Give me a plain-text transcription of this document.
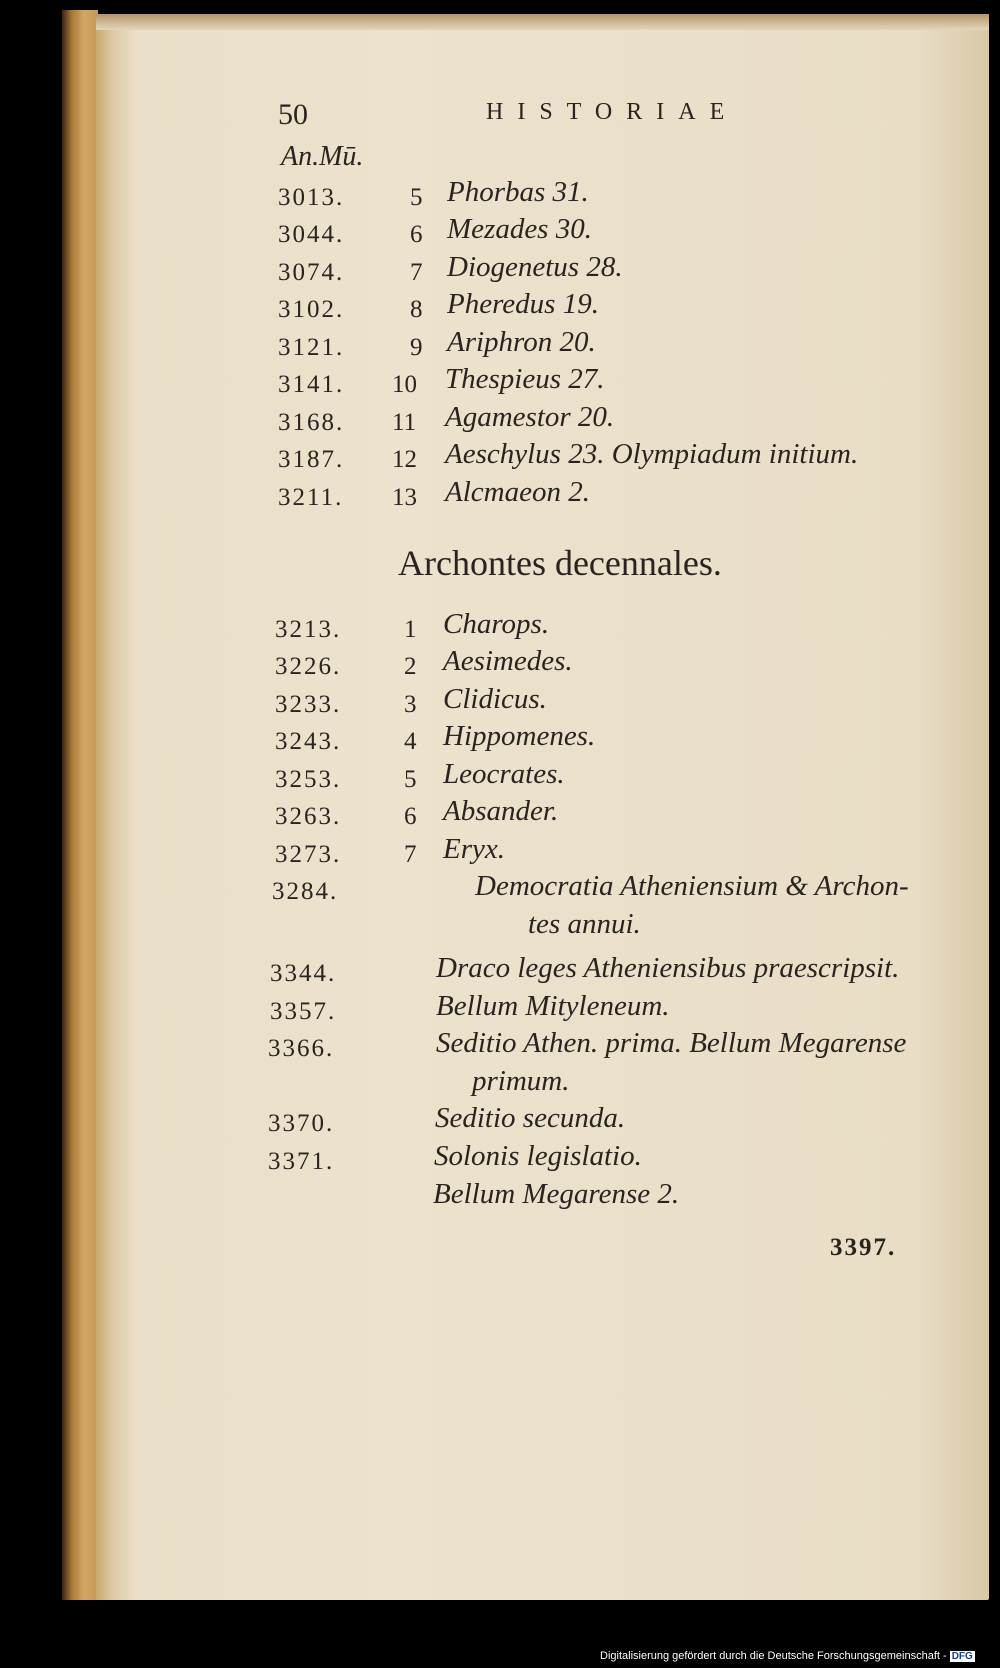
50	HISTORIAE
An.Mū.
3013.	5 Phorbas 31.
3044.	6 Mezades 30.
3074.	7 Diogenetus 28.
3102.	8 Pheredus 19.
3121.	9 Ariphron 20.
3141. 10 Thespieus 27.
3168. 11 Agamestor 20.
3187. 12 Aeschylus 23. Olympiadum initium.
3211. 13 Alcmaeon 2.
Archontes decennales.
3213.	1 Charops.
3226.	2 Aesimedes.
3233.	3 Clidicus.
3243.	4 Hippomenes.
3253.	5 Leocrates.
3263.	6 Absander.
3273.	7 Eryx.
3284.	Democratia Atheniensium & Archon-
tes annui.
3344.	Draco leges Atheniensibus praescripsit.
3357.	Bellum Mityleneum.
3366.	Seditio Athen. prima. Bellum Megarense
primum.
3370.	Seditio secunda.
3371.	Solonis legislatio.
Bellum Megarense 2.
3397.
Digitalisierung gefördert durch die Deutsche Forschungsgemeinschaft - DFG
